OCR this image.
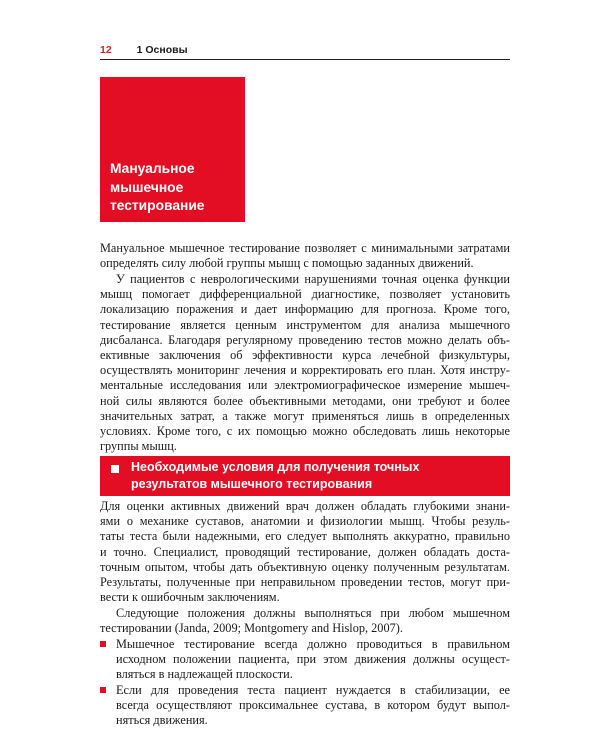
12 1 Основы
Мануальное
мышечное
тестирование
Мануальное мышечное тестирование позволяет с минимальными затратами
определять силу любой группы мышц с помощью заданных движений.
У пациентов с неврологическими нарушениями точная оценка функции
мышц помогает дифференциальной диагностике, позволяет установить
локализацию поражения и дает информацию для прогноза. Кроме того,
тестирование является ценным инструментом для анализа мышечного
дисбаланса. Благодаря регулярному проведению тестов можно делать объ-
ективные заключения об эффективности курса лечебной физкультуры,
осуществлять мониторинг лечения и корректировать его план. Хотя инстру-
ментальные исследования или электромиографическое измерение мышеч-
ной силы являются более объективными методами, они требуют и более
значительных затрат, а также могут применяться лишь в определенных
условиях. Кроме того, с их помощью можно обследовать лишь некоторые
группы мышц.
Необходимые условия для получения точных
результатов мышечного тестирования
Для оценки активных движений врач должен обладать глубокими знани-
ями о механике суставов, анатомии и физиологии мышц. Чтобы резуль-
таты теста были надежными, его следует выполнять аккуратно, правильно
и точно. Специалист, проводящий тестирование, должен обладать доста-
точным опытом, чтобы дать объективную оценку полученным результатам.
Результаты, полученные при неправильном проведении тестов, могут при-
вести к ошибочным заключениям.
Следующие положения должны выполняться при любом мышечном
тестировании (Janda, 2009; Montgomery and Hislop, 2007).
Мышечное тестирование всегда должно проводиться в правильном
исходном положении пациента, при этом движения должны осущест-
вляться в надлежащей плоскости.
Если для проведения теста пациент нуждается в стабилизации, ее
всегда осуществляют проксимальнее сустава, в котором будут выпол-
няться движения.
